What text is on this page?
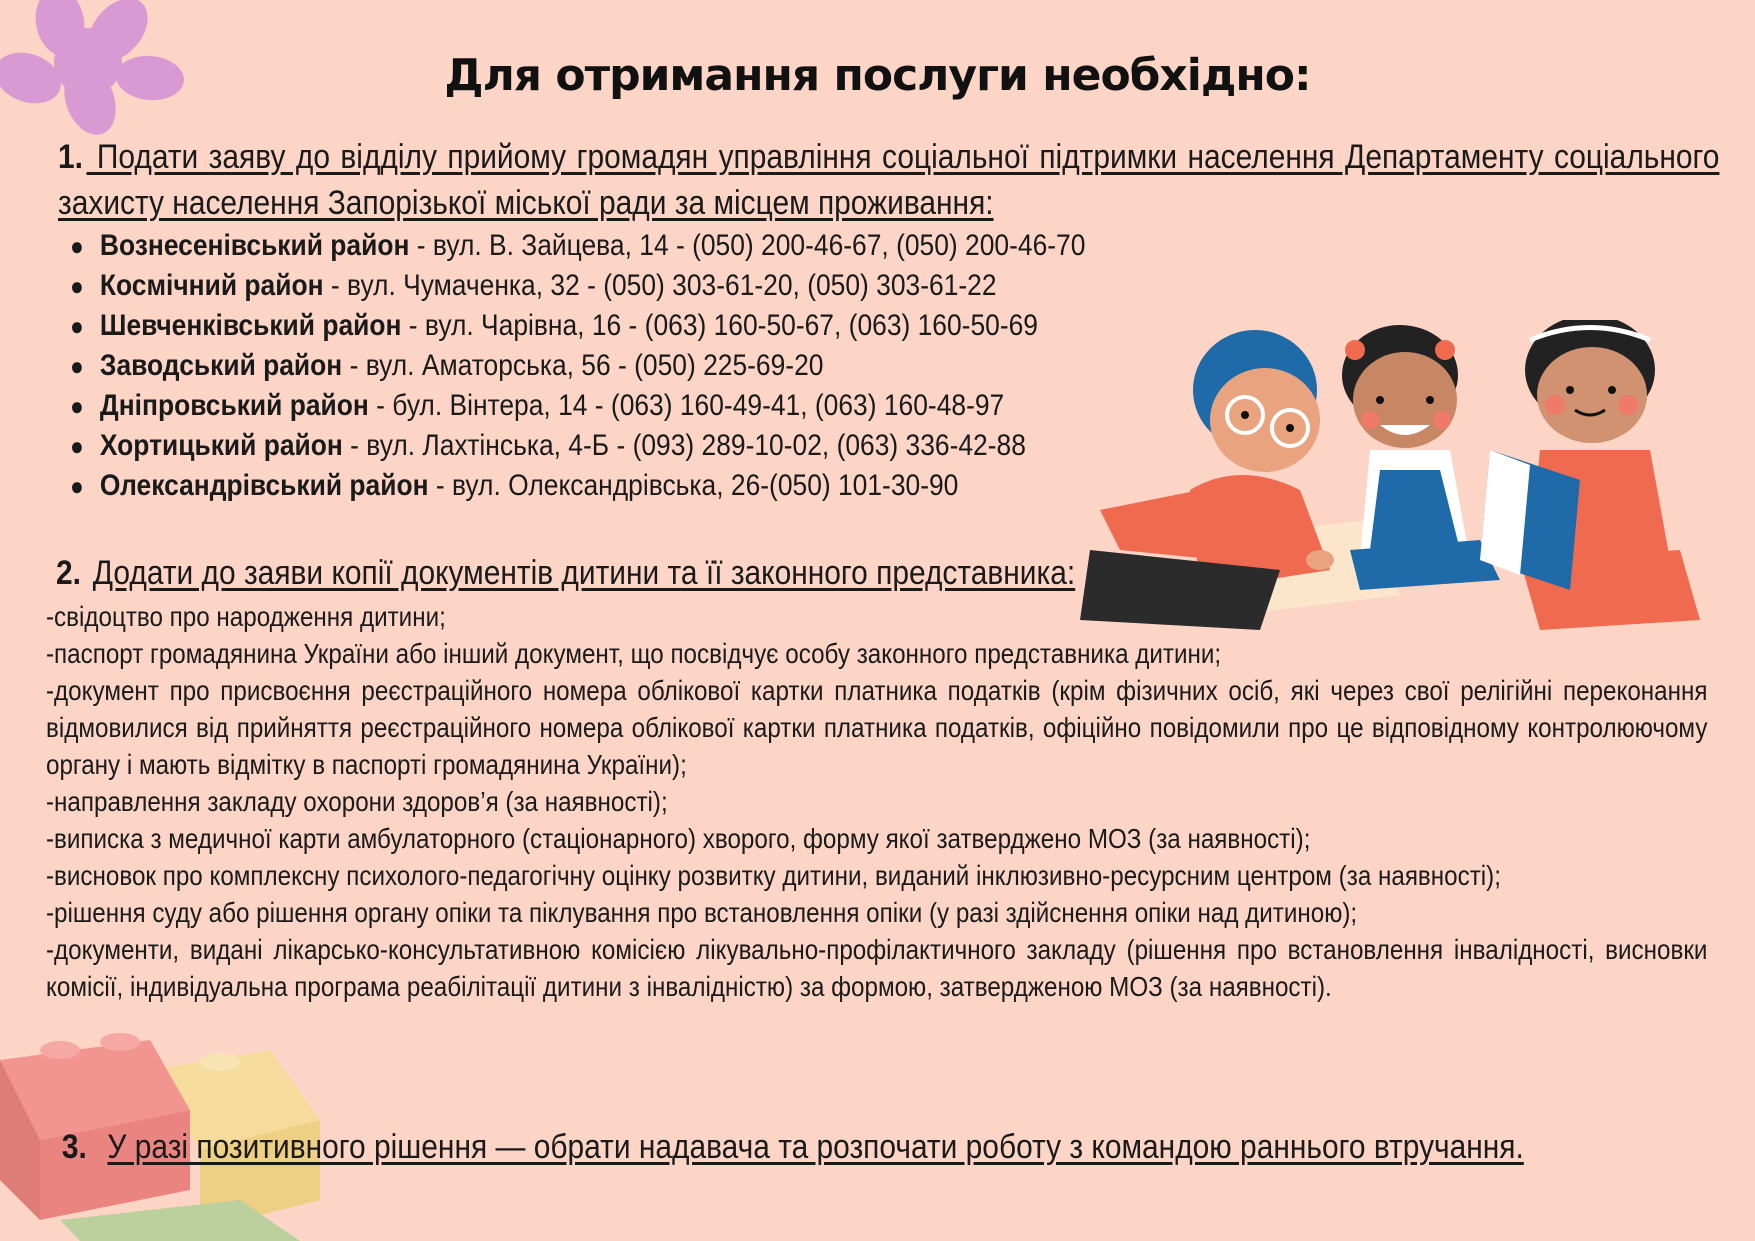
Для отримання послуги необхідно:
1. Подати заяву до відділу прийому громадян управління соціальної підтримки населення Департаменту соціального захисту населення Запорізької міської ради за місцем проживання:
● Вознесенівський район - вул. В. Зайцева, 14 - (050) 200-46-67, (050) 200-46-70
● Космічний район - вул. Чумаченка, 32 - (050) 303-61-20, (050) 303-61-22
● Шевченківський район - вул. Чарівна, 16 - (063) 160-50-67, (063) 160-50-69
● Заводський район - вул. Аматорська, 56 - (050) 225-69-20
● Дніпровський район - бул. Вінтера, 14 - (063) 160-49-41, (063) 160-48-97
● Хортицький район - вул. Лахтінська, 4-Б - (093) 289-10-02, (063) 336-42-88
● Олександрівський район - вул. Олександрівська, 26-(050) 101-30-90
2. Додати до заяви копії документів дитини та її законного представника:

-свідоцтво про народження дитини;

-паспорт громадянина України або інший документ, що посвідчує особу законного представника дитини;

-документ про присвоєння реєстраційного номера облікової картки платника податків (крім фізичних осіб, які через свої релігійні переконання відмовилися від прийняття реєстраційного номера облікової картки платника податків, офіційно повідомили про це відповідному контролюючому органу і мають відмітку в паспорті громадянина України);

-направлення закладу охорони здоров’я (за наявності);

-виписка з медичної карти амбулаторного (стаціонарного) хворого, форму якої затверджено МОЗ (за наявності);

-висновок про комплексну психолого-педагогічну оцінку розвитку дитини, виданий інклюзивно-ресурсним центром (за наявності);

-рішення суду або рішення органу опіки та піклування про встановлення опіки (у разі здійснення опіки над дитиною);

-документи, видані лікарсько-консультативною комісією лікувально-профілактичного закладу (рішення про встановлення інвалідності, висновки комісії, індивідуальна програма реабілітації дитини з інвалідністю) за формою, затвердженою МОЗ (за наявності).

3. У разі позитивного рішення — обрати надавача та розпочати роботу з командою раннього втручання.
